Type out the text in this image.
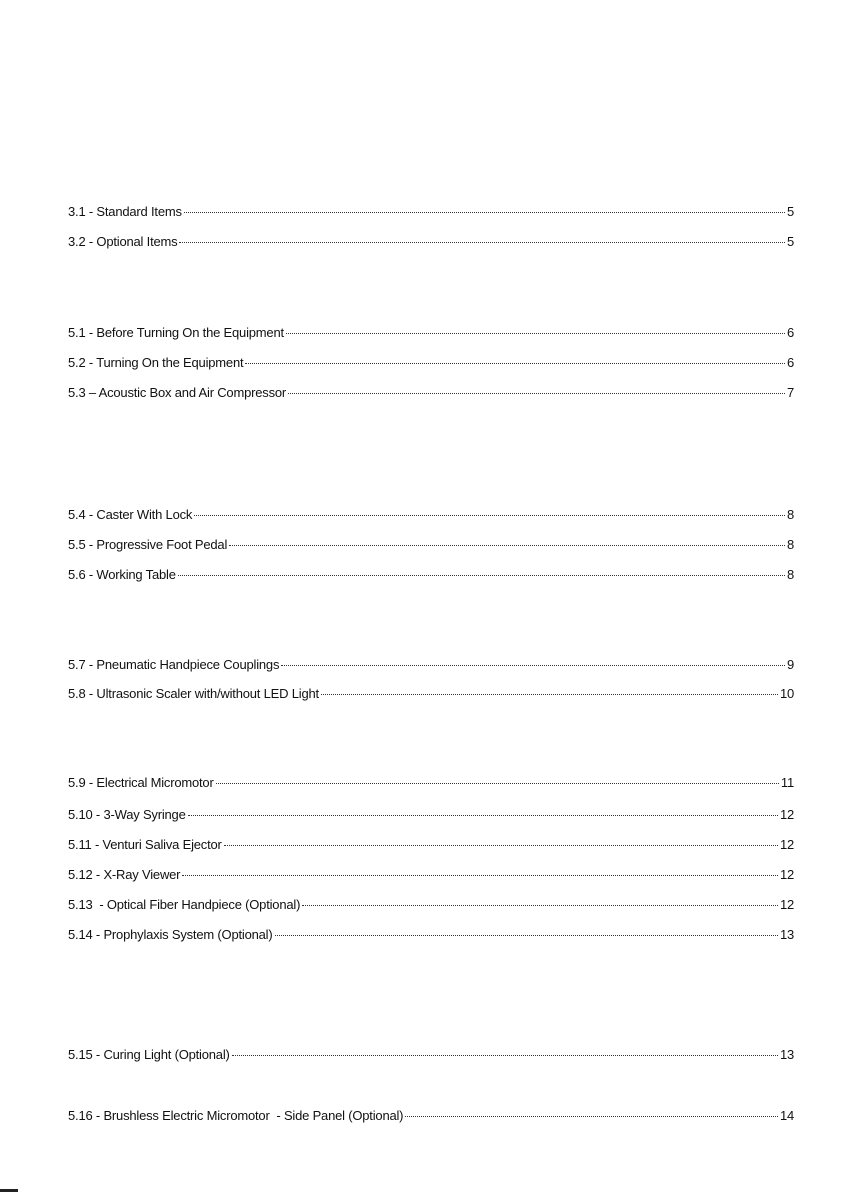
3.1 - Standard Items	5
3.2 - Optional Items	5
5.1 - Before Turning On the Equipment	6
5.2 - Turning On the Equipment	6
5.3 – Acoustic Box and Air Compressor	7
5.4 - Caster With Lock	8
5.5 - Progressive Foot Pedal	8
5.6 - Working Table	8
5.7 - Pneumatic Handpiece Couplings	9
5.8 - Ultrasonic Scaler with/without LED Light	10
5.9 - Electrical Micromotor	11
5.10 - 3-Way Syringe	12
5.11 - Venturi Saliva Ejector	12
5.12 - X-Ray Viewer	12
5.13  - Optical Fiber Handpiece (Optional)	12
5.14 - Prophylaxis System (Optional)	13
5.15 - Curing Light (Optional)	13
5.16 - Brushless Electric Micromotor  - Side Panel (Optional)	14
